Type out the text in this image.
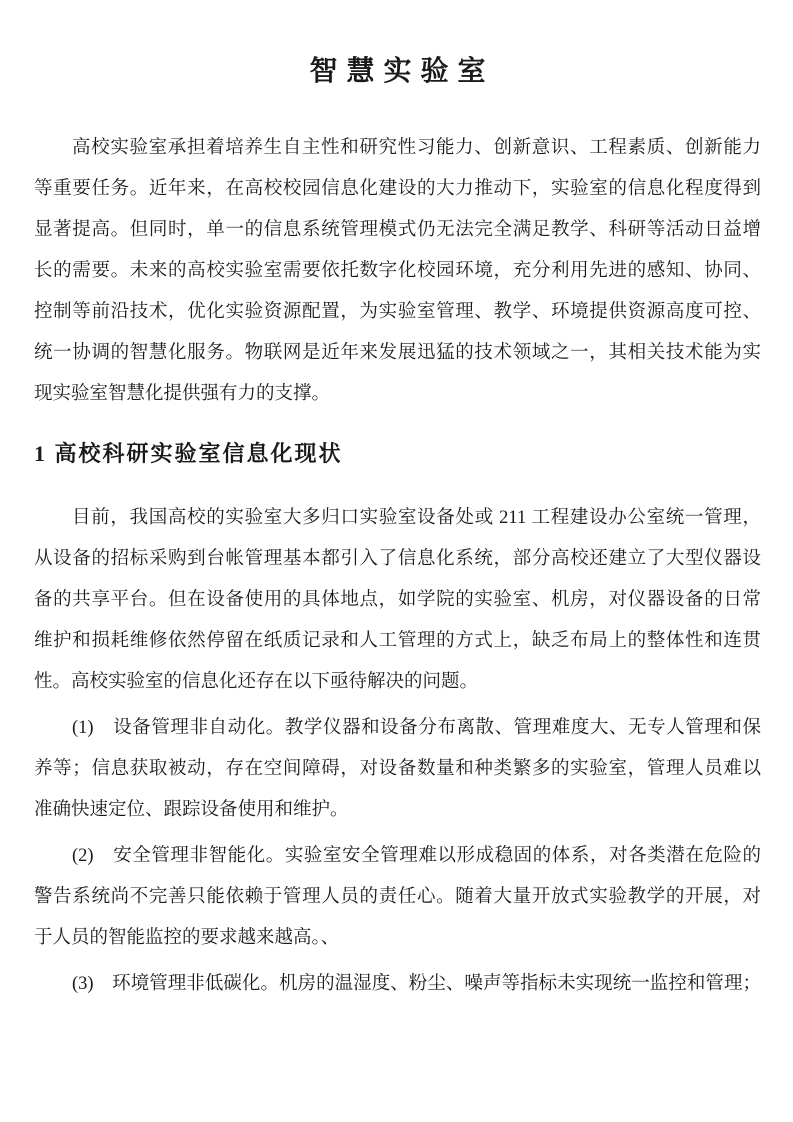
智慧实验室
高校实验室承担着培养生自主性和研究性习能力、创新意识、工程素质、创新能力
等重要任务。近年来，在高校校园信息化建设的大力推动下，实验室的信息化程度得到
显著提高。但同时，单一的信息系统管理模式仍无法完全满足教学、科研等活动日益增
长的需要。未来的高校实验室需要依托数字化校园环境，充分利用先进的感知、协同、
控制等前沿技术，优化实验资源配置，为实验室管理、教学、环境提供资源高度可控、
统一协调的智慧化服务。物联网是近年来发展迅猛的技术领域之一，其相关技术能为实
现实验室智慧化提供强有力的支撑。
1 高校科研实验室信息化现状
目前，我国高校的实验室大多归口实验室设备处或 211 工程建设办公室统一管理，
从设备的招标采购到台帐管理基本都引入了信息化系统，部分高校还建立了大型仪器设
备的共享平台。但在设备使用的具体地点，如学院的实验室、机房，对仪器设备的日常
维护和损耗维修依然停留在纸质记录和人工管理的方式上，缺乏布局上的整体性和连贯
性。高校实验室的信息化还存在以下亟待解决的问题。
(1)　设备管理非自动化。教学仪器和设备分布离散、管理难度大、无专人管理和保
养等；信息获取被动，存在空间障碍，对设备数量和种类繁多的实验室，管理人员难以
准确快速定位、跟踪设备使用和维护。
(2)　安全管理非智能化。实验室安全管理难以形成稳固的体系，对各类潜在危险的
警告系统尚不完善只能依赖于管理人员的责任心。随着大量开放式实验教学的开展，对
于人员的智能监控的要求越来越高。、
(3)　环境管理非低碳化。机房的温湿度、粉尘、噪声等指标未实现统一监控和管理；
